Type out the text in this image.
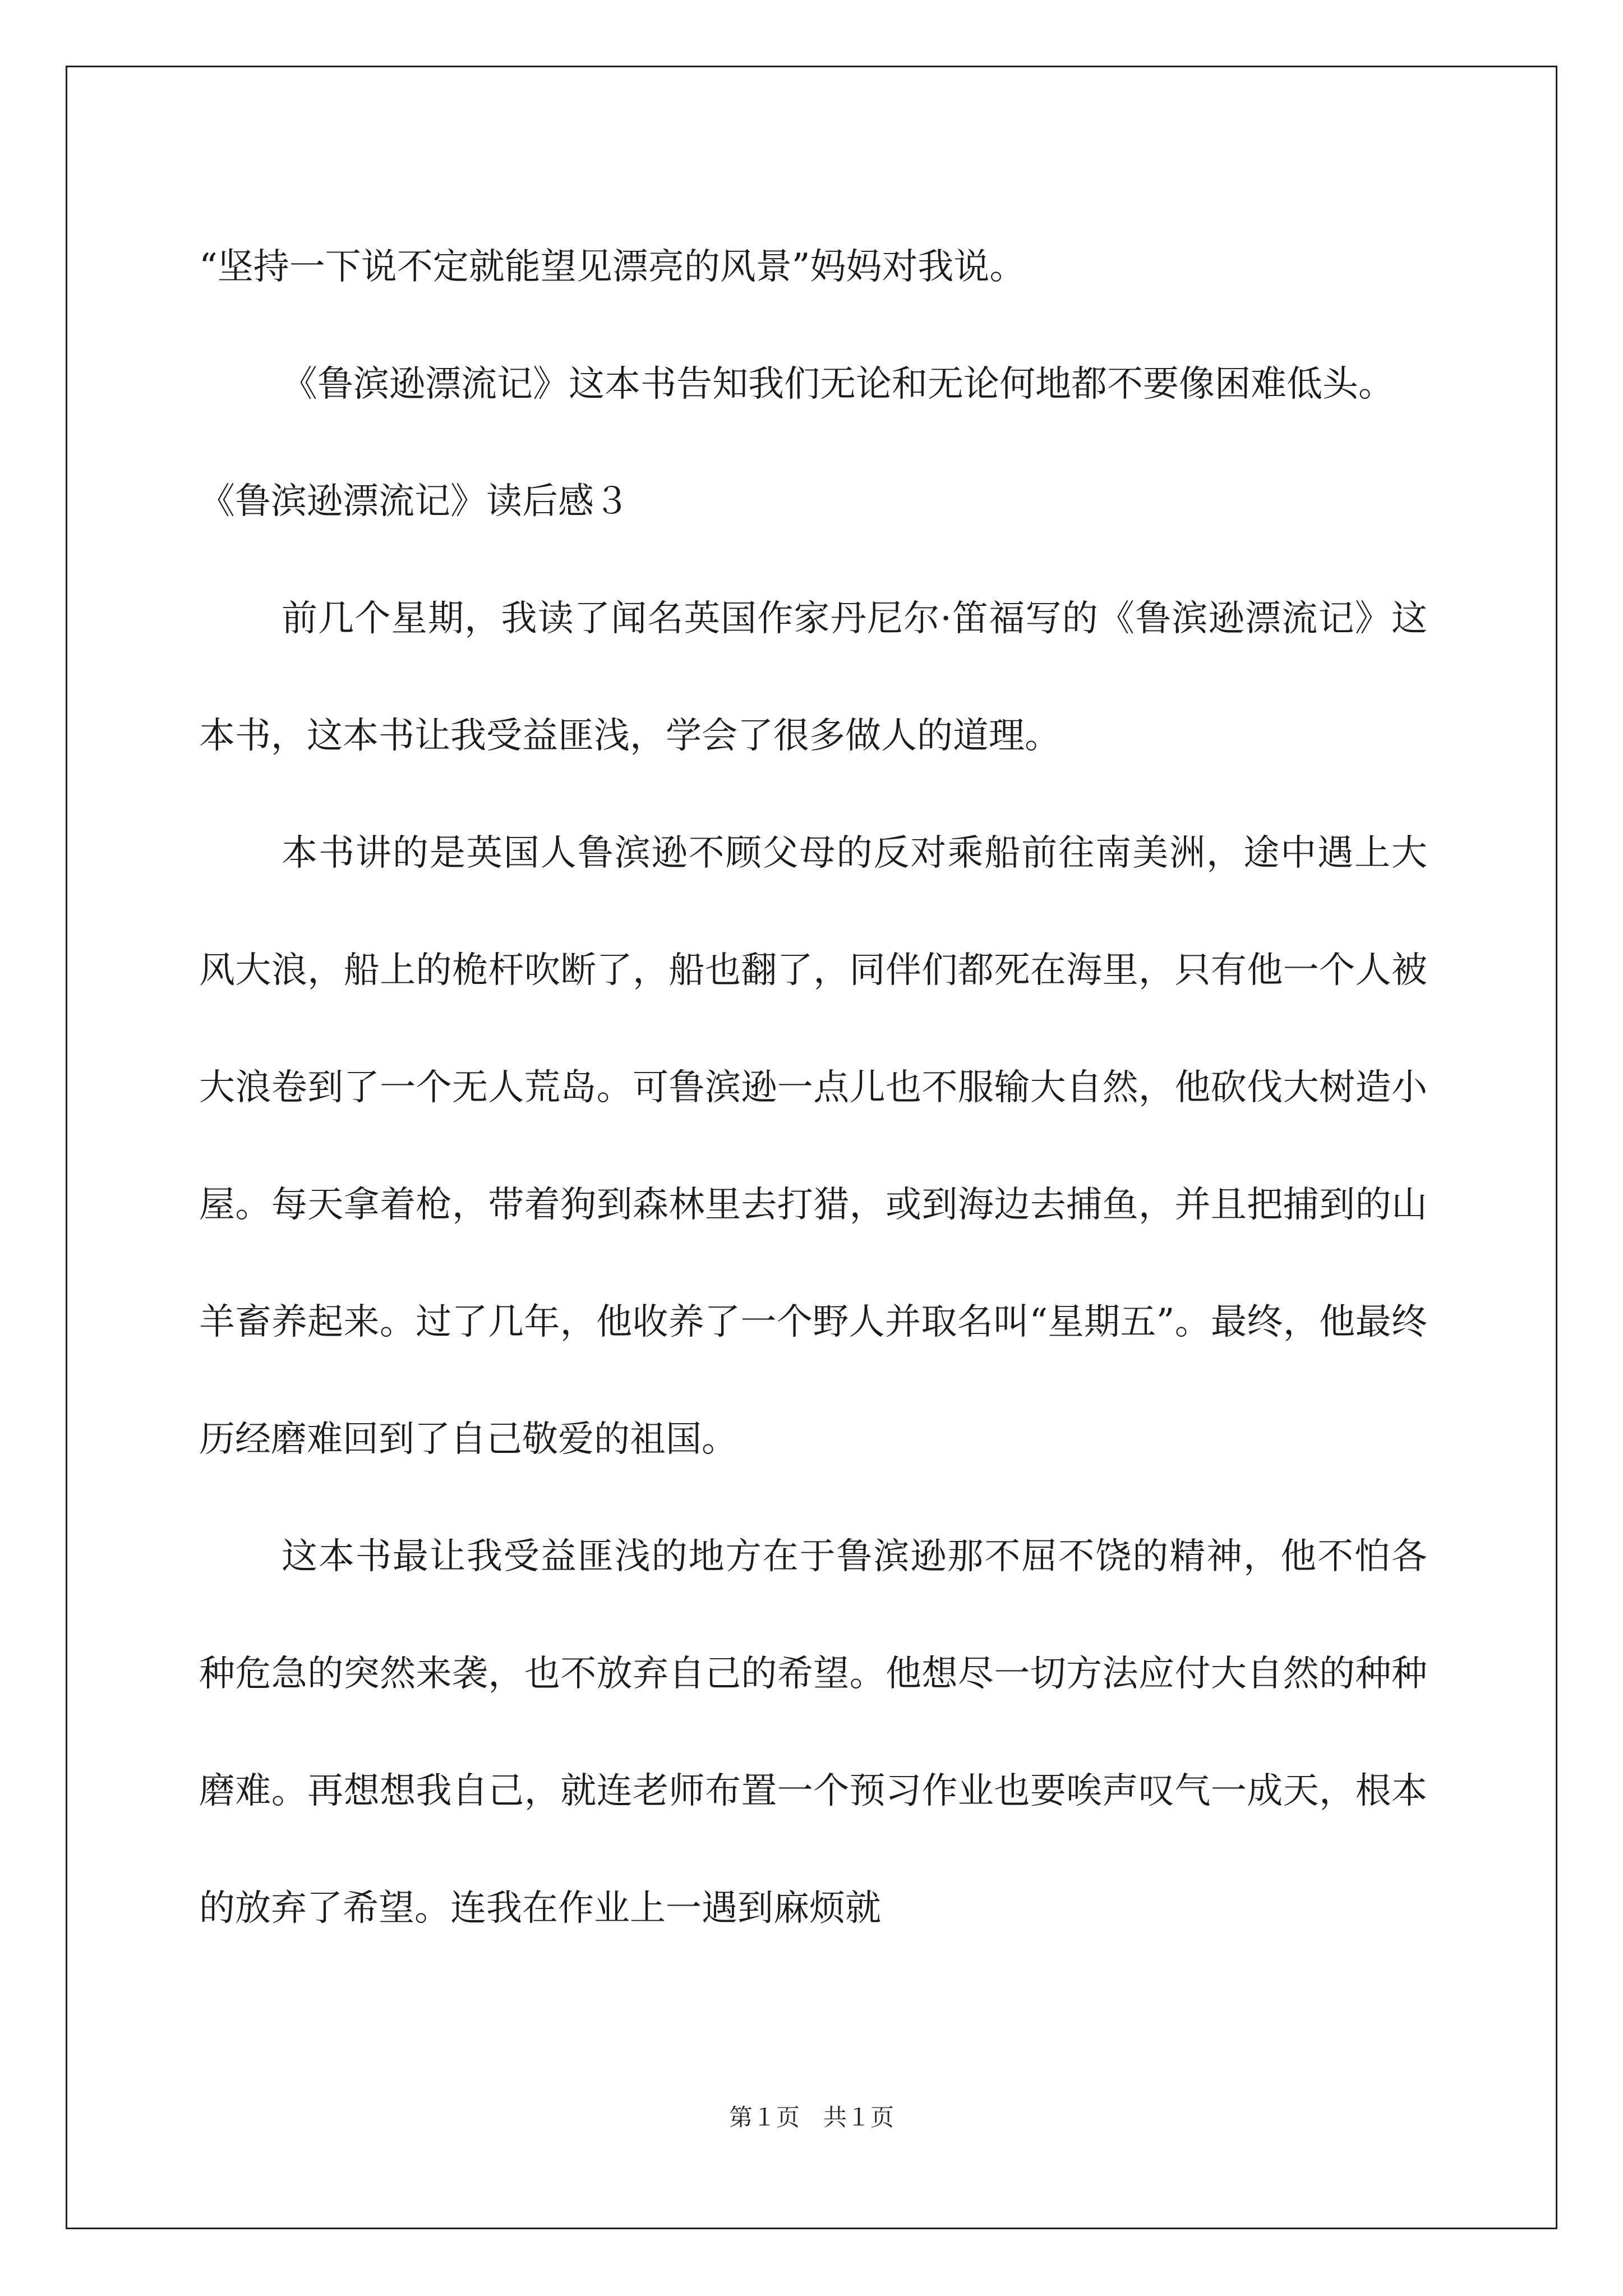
“坚持一下说不定就能望见漂亮的风景”妈妈对我说。

《鲁滨逊漂流记》这本书告知我们无论和无论何地都不要像困难低头。

《鲁滨逊漂流记》读后感３

前几个星期，我读了闻名英国作家丹尼尔·笛福写的《鲁滨逊漂流记》这本书，这本书让我受益匪浅，学会了很多做人的道理。

本书讲的是英国人鲁滨逊不顾父母的反对乘船前往南美洲，途中遇上大风大浪，船上的桅杆吹断了，船也翻了，同伴们都死在海里，只有他一个人被大浪卷到了一个无人荒岛。可鲁滨逊一点儿也不服输大自然，他砍伐大树造小屋。每天拿着枪，带着狗到森林里去打猎，或到海边去捕鱼，并且把捕到的山羊畜养起来。过了几年，他收养了一个野人并取名叫“星期五”。最终，他最终历经磨难回到了自己敬爱的祖国。

这本书最让我受益匪浅的地方在于鲁滨逊那不屈不饶的精神，他不怕各种危急的突然来袭，也不放弃自己的希望。他想尽一切方法应付大自然的种种磨难。再想想我自己，就连老师布置一个预习作业也要唉声叹气一成天，根本的放弃了希望。连我在作业上一遇到麻烦就

第１页　共１页
